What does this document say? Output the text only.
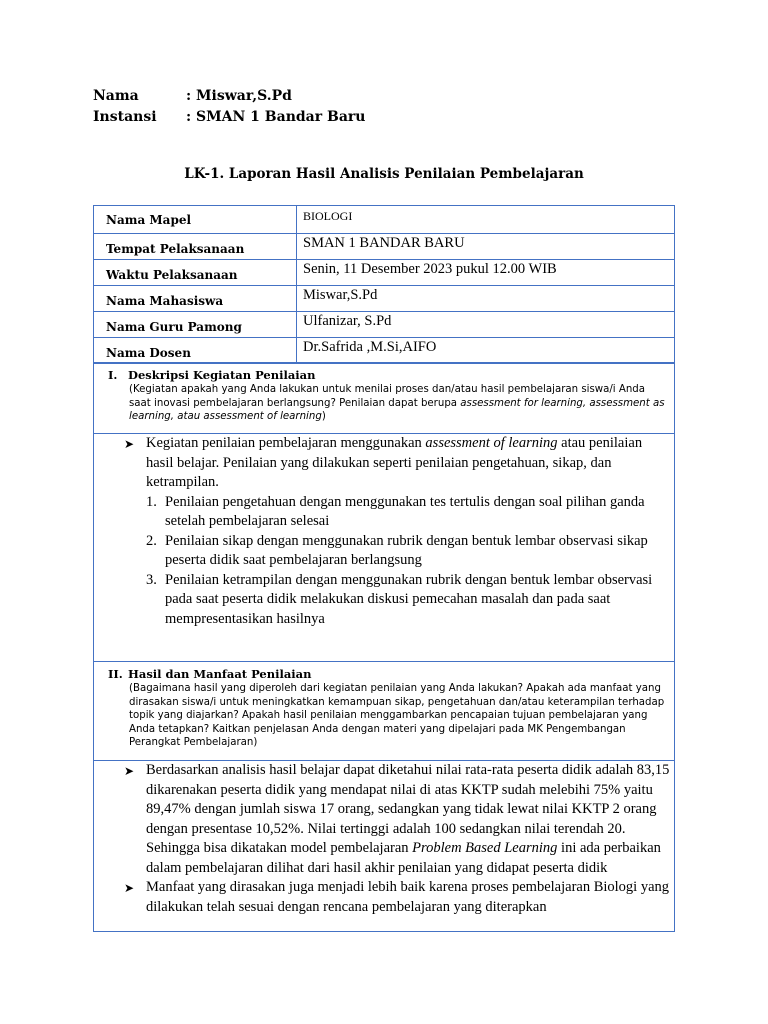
Nama	: Miswar,S.Pd
Instansi	: SMAN 1 Bandar Baru
LK-1. Laporan Hasil Analisis Penilaian Pembelajaran
Nama Mapel	BIOLOGI
Tempat Pelaksanaan	SMAN 1 BANDAR BARU
Waktu Pelaksanaan	Senin, 11 Desember 2023 pukul 12.00 WIB
Nama Mahasiswa	Miswar,S.Pd
Nama Guru Pamong	Ulfanizar, S.Pd
Nama Dosen	Dr.Safrida ,M.Si,AIFO
I. Deskripsi Kegiatan Penilaian
(Kegiatan apakah yang Anda lakukan untuk menilai proses dan/atau hasil pembelajaran siswa/i Anda saat inovasi pembelajaran berlangsung? Penilaian dapat berupa assessment for learning, assessment as learning, atau assessment of learning)
➤ Kegiatan penilaian pembelajaran menggunakan assessment of learning atau penilaian hasil belajar. Penilaian yang dilakukan seperti penilaian pengetahuan, sikap, dan ketrampilan.
1. Penilaian pengetahuan dengan menggunakan tes tertulis dengan soal pilihan ganda setelah pembelajaran selesai
2. Penilaian sikap dengan menggunakan rubrik dengan bentuk lembar observasi sikap peserta didik saat pembelajaran berlangsung
3. Penilaian ketrampilan dengan menggunakan rubrik dengan bentuk lembar observasi pada saat peserta didik melakukan diskusi pemecahan masalah dan pada saat mempresentasikan hasilnya
II. Hasil dan Manfaat Penilaian
(Bagaimana hasil yang diperoleh dari kegiatan penilaian yang Anda lakukan? Apakah ada manfaat yang dirasakan siswa/i untuk meningkatkan kemampuan sikap, pengetahuan dan/atau keterampilan terhadap topik yang diajarkan? Apakah hasil penilaian menggambarkan pencapaian tujuan pembelajaran yang Anda tetapkan? Kaitkan penjelasan Anda dengan materi yang dipelajari pada MK Pengembangan Perangkat Pembelajaran)
➤ Berdasarkan analisis hasil belajar dapat diketahui nilai rata-rata peserta didik adalah 83,15 dikarenakan peserta didik yang mendapat nilai di atas KKTP sudah melebihi 75% yaitu 89,47% dengan jumlah siswa 17 orang, sedangkan yang tidak lewat nilai KKTP 2 orang dengan presentase 10,52%. Nilai tertinggi adalah 100 sedangkan nilai terendah 20. Sehingga bisa dikatakan model pembelajaran Problem Based Learning ini ada perbaikan dalam pembelajaran dilihat dari hasil akhir penilaian yang didapat peserta didik
➤ Manfaat yang dirasakan juga menjadi lebih baik karena proses pembelajaran Biologi yang dilakukan telah sesuai dengan rencana pembelajaran yang diterapkan
